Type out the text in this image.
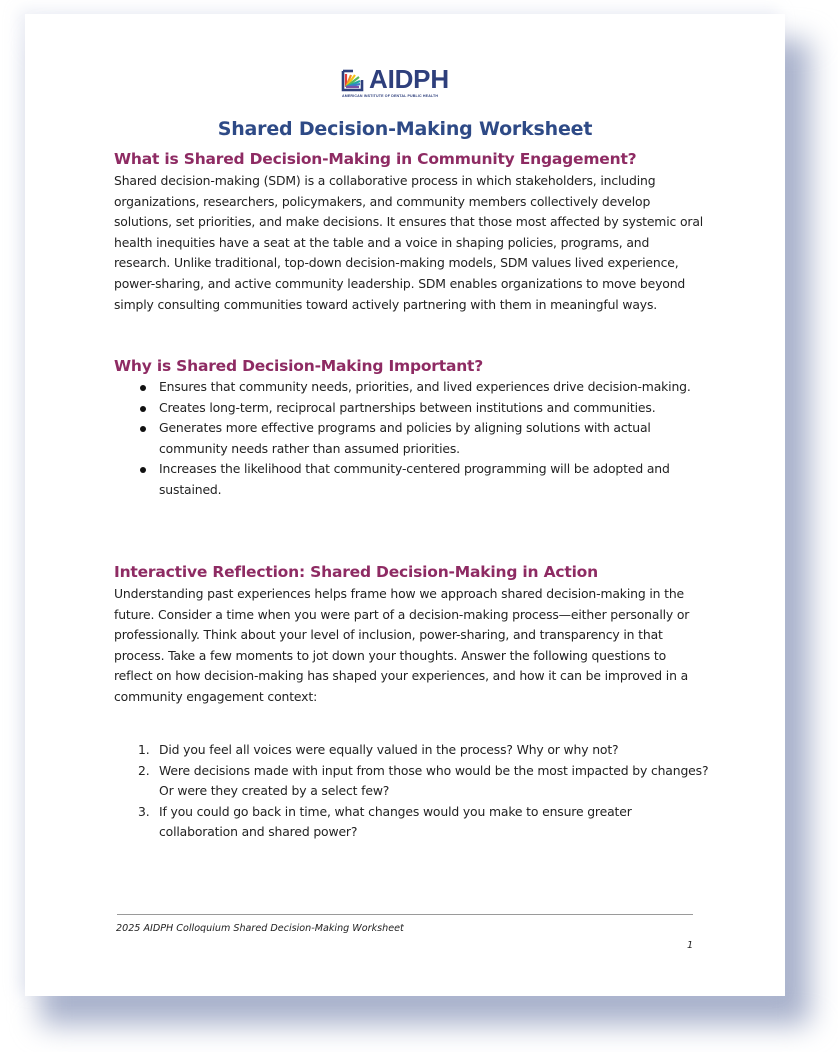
AIDPH
AMERICAN INSTITUTE OF DENTAL PUBLIC HEALTH
Shared Decision-Making Worksheet
What is Shared Decision-Making in Community Engagement?

Shared decision-making (SDM) is a collaborative process in which stakeholders, including organizations, researchers, policymakers, and community members collectively develop solutions, set priorities, and make decisions. It ensures that those most affected by systemic oral health inequities have a seat at the table and a voice in shaping policies, programs, and research. Unlike traditional, top-down decision-making models, SDM values lived experience, power-sharing, and active community leadership. SDM enables organizations to move beyond simply consulting communities toward actively partnering with them in meaningful ways.

Why is Shared Decision-Making Important?
Ensures that community needs, priorities, and lived experiences drive decision-making.
Creates long-term, reciprocal partnerships between institutions and communities.
Generates more effective programs and policies by aligning solutions with actual community needs rather than assumed priorities.
Increases the likelihood that community-centered programming will be adopted and sustained.
Interactive Reflection: Shared Decision-Making in Action

Understanding past experiences helps frame how we approach shared decision-making in the future. Consider a time when you were part of a decision-making process—either personally or professionally. Think about your level of inclusion, power-sharing, and transparency in that process. Take a few moments to jot down your thoughts. Answer the following questions to reflect on how decision-making has shaped your experiences, and how it can be improved in a community engagement context:

1. Did you feel all voices were equally valued in the process? Why or why not?
2. Were decisions made with input from those who would be the most impacted by changes? Or were they created by a select few?
3. If you could go back in time, what changes would you make to ensure greater collaboration and shared power?
2025 AIDPH Colloquium Shared Decision-Making Worksheet
1
